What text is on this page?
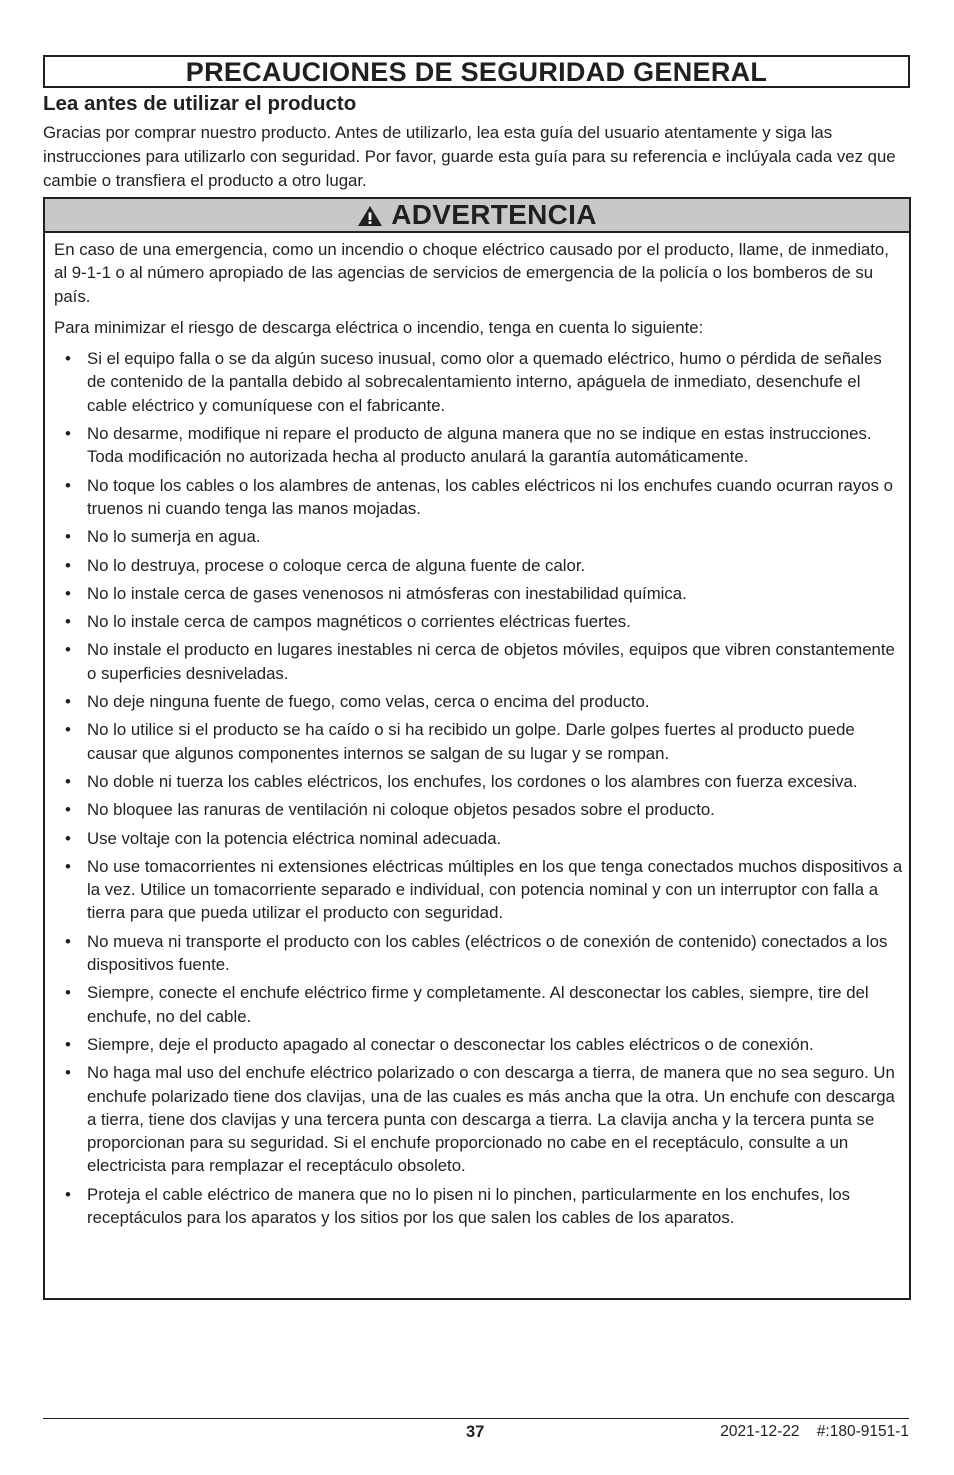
PRECAUCIONES DE SEGURIDAD GENERAL
Lea antes de utilizar el producto

Gracias por comprar nuestro producto. Antes de utilizarlo, lea esta guía del usuario atentamente y siga las instrucciones para utilizarlo con seguridad. Por favor, guarde esta guía para su referencia e inclúyala cada vez que cambie o transfiera el producto a otro lugar.

ADVERTENCIA

En caso de una emergencia, como un incendio o choque eléctrico causado por el producto, llame, de inmediato, al 9-1-1 o al número apropiado de las agencias de servicios de emergencia de la policía o los bomberos de su país.

Para minimizar el riesgo de descarga eléctrica o incendio, tenga en cuenta lo siguiente:

• Si el equipo falla o se da algún suceso inusual, como olor a quemado eléctrico, humo o pérdida de señales de contenido de la pantalla debido al sobrecalentamiento interno, apáguela de inmediato, desenchufe el cable eléctrico y comuníquese con el fabricante.
• No desarme, modifique ni repare el producto de alguna manera que no se indique en estas instrucciones. Toda modificación no autorizada hecha al producto anulará la garantía automáticamente.
• No toque los cables o los alambres de antenas, los cables eléctricos ni los enchufes cuando ocurran rayos o truenos ni cuando tenga las manos mojadas.
• No lo sumerja en agua.
• No lo destruya, procese o coloque cerca de alguna fuente de calor.
• No lo instale cerca de gases venenosos ni atmósferas con inestabilidad química.
• No lo instale cerca de campos magnéticos o corrientes eléctricas fuertes.
• No instale el producto en lugares inestables ni cerca de objetos móviles, equipos que vibren constantemente o superficies desniveladas.
• No deje ninguna fuente de fuego, como velas, cerca o encima del producto.
• No lo utilice si el producto se ha caído o si ha recibido un golpe. Darle golpes fuertes al producto puede causar que algunos componentes internos se salgan de su lugar y se rompan.
• No doble ni tuerza los cables eléctricos, los enchufes, los cordones o los alambres con fuerza excesiva.
• No bloquee las ranuras de ventilación ni coloque objetos pesados sobre el producto.
• Use voltaje con la potencia eléctrica nominal adecuada.
• No use tomacorrientes ni extensiones eléctricas múltiples en los que tenga conectados muchos dispositivos a la vez. Utilice un tomacorriente separado e individual, con potencia nominal y con un interruptor con falla a tierra para que pueda utilizar el producto con seguridad.
• No mueva ni transporte el producto con los cables (eléctricos o de conexión de contenido) conectados a los dispositivos fuente.
• Siempre, conecte el enchufe eléctrico firme y completamente. Al desconectar los cables, siempre, tire del enchufe, no del cable.
• Siempre, deje el producto apagado al conectar o desconectar los cables eléctricos o de conexión.
• No haga mal uso del enchufe eléctrico polarizado o con descarga a tierra, de manera que no sea seguro. Un enchufe polarizado tiene dos clavijas, una de las cuales es más ancha que la otra. Un enchufe con descarga a tierra, tiene dos clavijas y una tercera punta con descarga a tierra. La clavija ancha y la tercera punta se proporcionan para su seguridad. Si el enchufe proporcionado no cabe en el receptáculo, consulte a un electricista para remplazar el receptáculo obsoleto.
• Proteja el cable eléctrico de manera que no lo pisen ni lo pinchen, particularmente en los enchufes, los receptáculos para los aparatos y los sitios por los que salen los cables de los aparatos.
37	2021-12-22    #:180-9151-1
